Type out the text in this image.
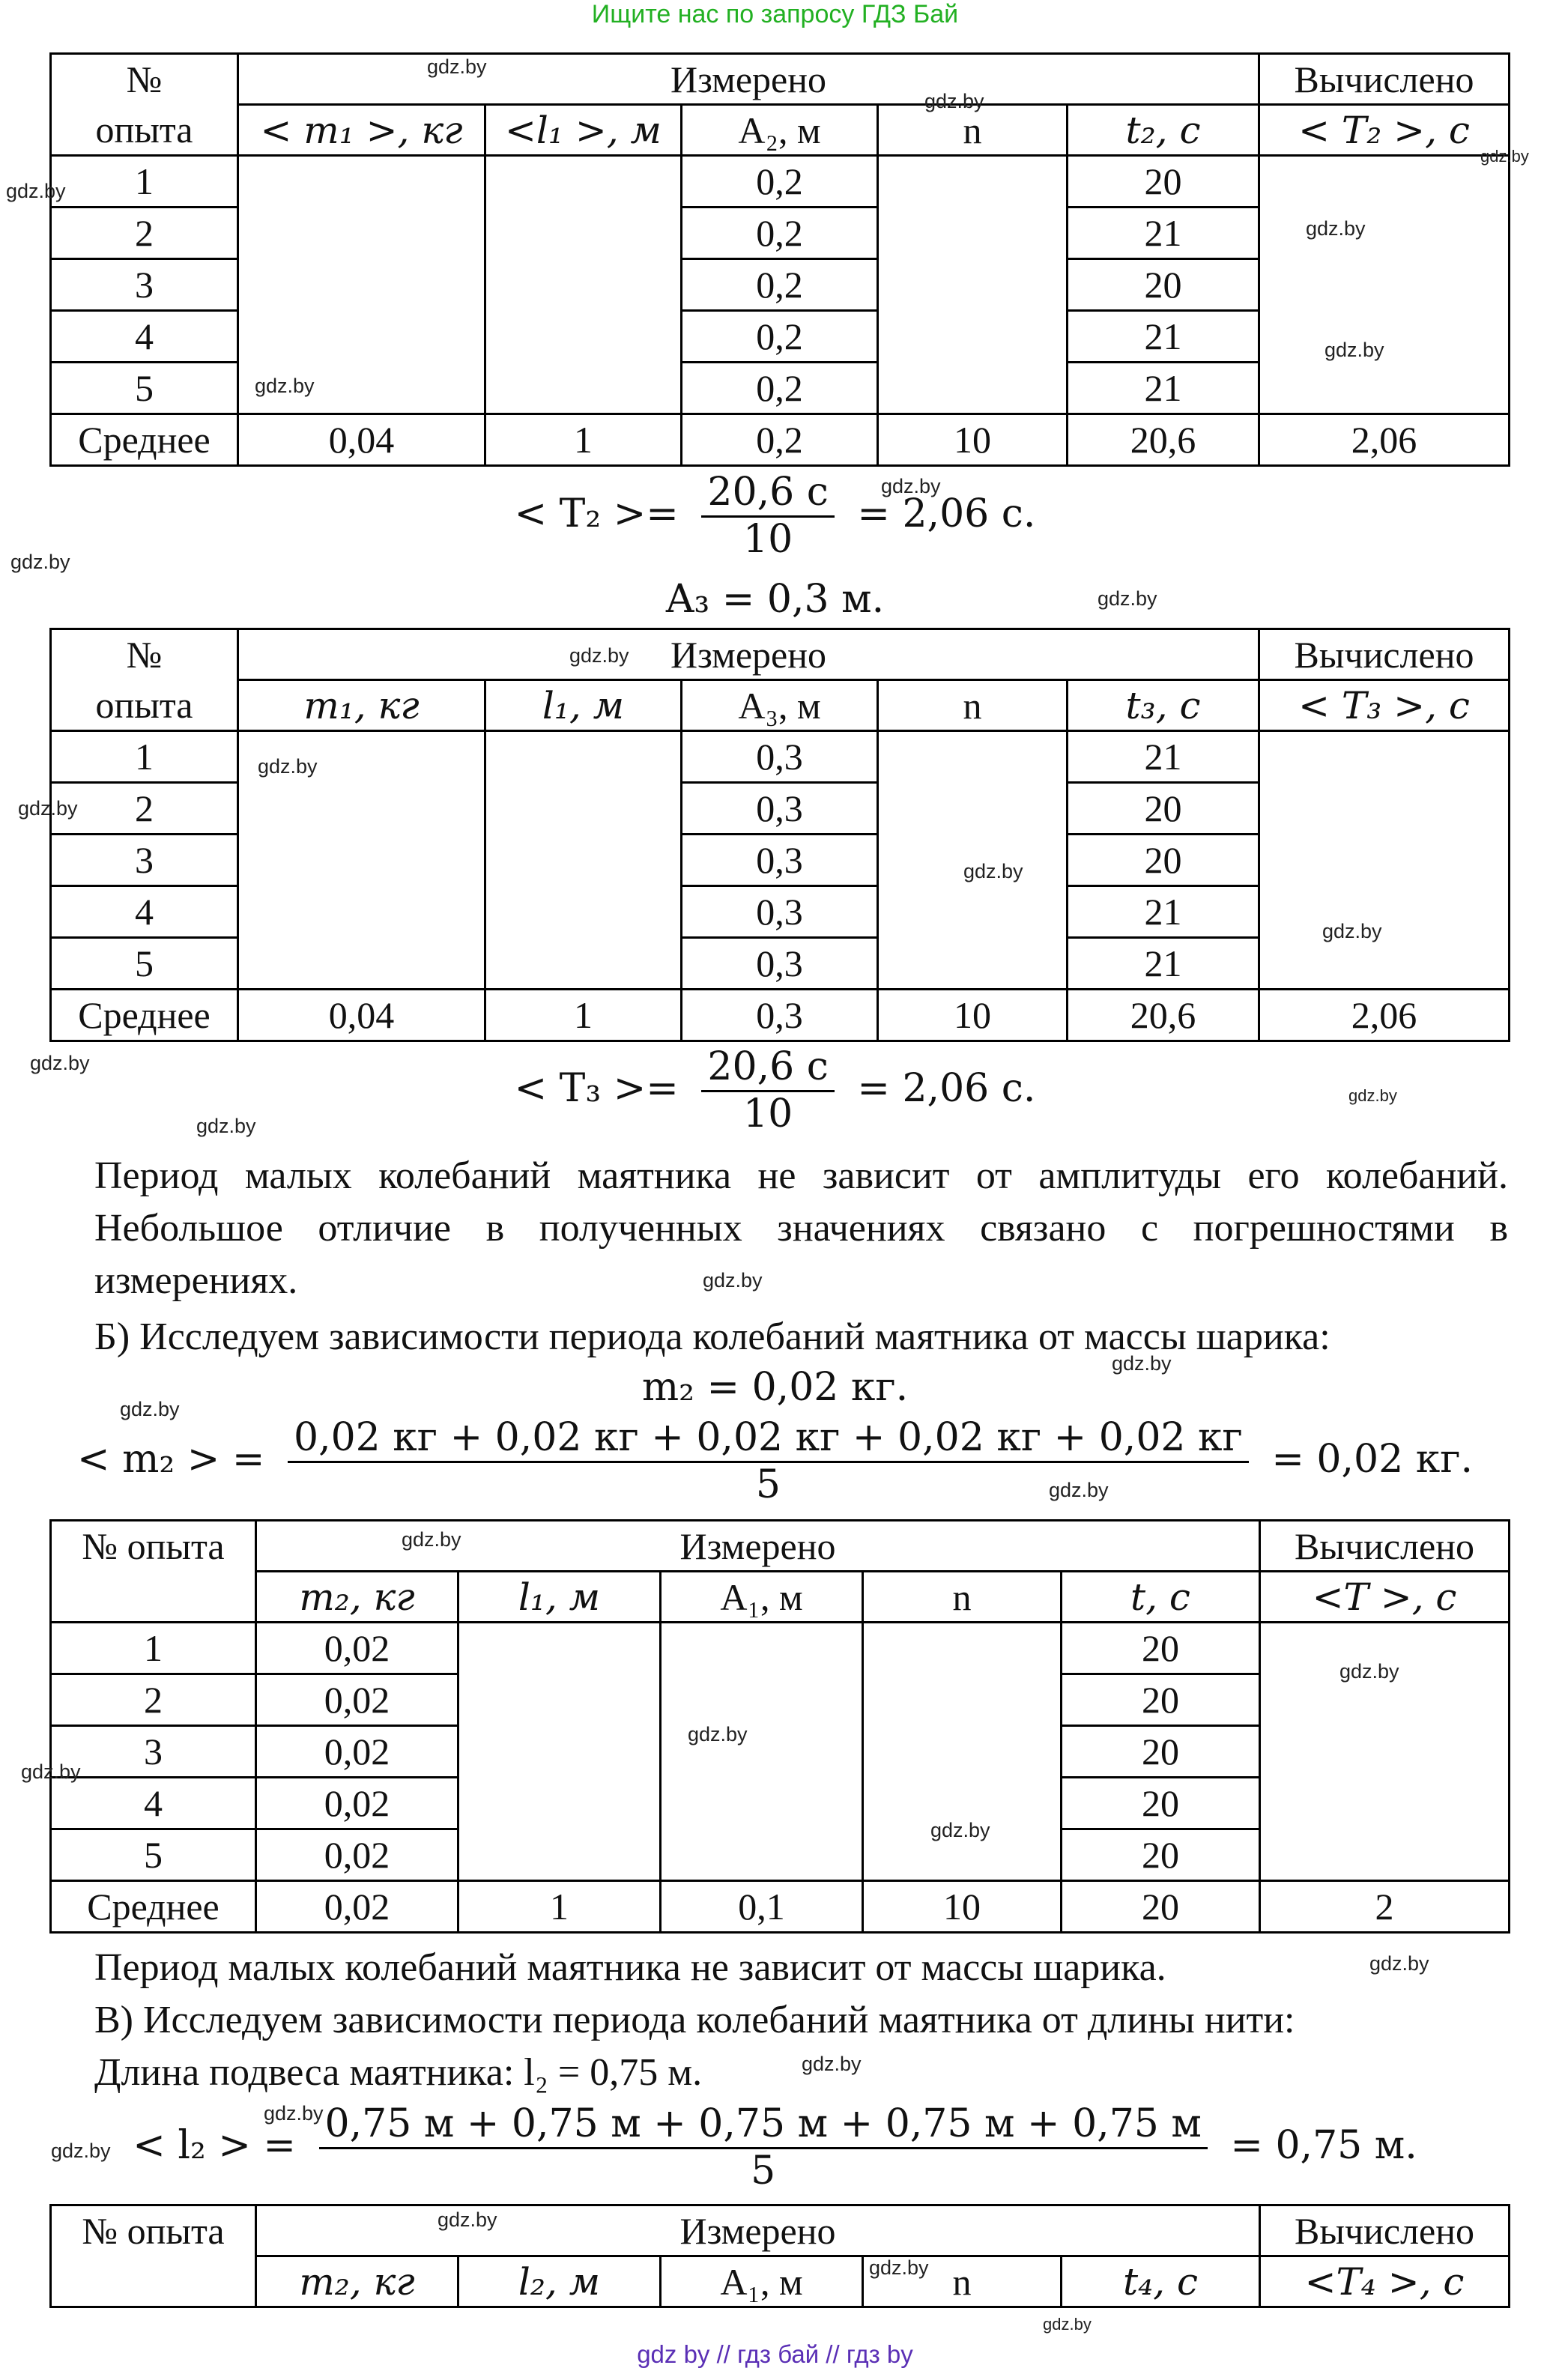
Ищите нас по запросу ГДЗ Бай
№	Измерено					Вычислено
опыта	< m₁ >, кг	<l₁ >, м	A₂, м	n	t₂, c	< T₂ >, c
1			0,2		20	
2			0,2		21	
3			0,2		20	
4			0,2		21	
5			0,2		21	
Среднее	0,04	1	0,2	10	20,6	2,06
< $T_2 >= \frac{20,6 c}{10} = 2,06$ c.
A₃ = 0,3 м.
№	Измерено					Вычислено
опыта	m₁, кг	l₁, м	A₃, м	n	t₃, c	< T₃ >, c
1			0,3		21	
2			0,3		20	
3			0,3		20	
4			0,3		21	
5			0,3		21	
Среднее	0,04	1	0,3	10	20,6	2,06
< $T_3 >= \frac{20,6 c}{10} = 2,06$ c.
Период малых колебаний маятника не зависит от амплитуды его колебаний. Небольшое отличие в полученных значениях связано с погрешностями в измерениях.
Б) Исследуем зависимости периода колебаний маятника от массы шарика:
m₂ = 0,02 кг.
< m₂ > = $\frac{0,02 кг + 0,02 кг + 0,02 кг + 0,02 кг + 0,02 кг}{5} = 0,02$ кг.
№ опыта	Измерено					Вычислено
	m₂, кг	l₁, м	A₁, м	n	t, c	<T >, c
1	0,02				20	
2	0,02				20	
3	0,02				20	
4	0,02				20	
5	0,02				20	
Среднее	0,02	1	0,1	10	20	2
Период малых колебаний маятника не зависит от массы шарика.
В) Исследуем зависимости периода колебаний маятника от длины нити:
Длина подвеса маятника: l₂ = 0,75 м.
< l₂ > = $\frac{0,75 м + 0,75 м + 0,75 м + 0,75 м + 0,75 м}{5} = 0,75$ м.
№ опыта	Измерено					Вычислено
	m₂, кг	l₂, м	A₁, м	n	t₄, c	<T₄ >, c
gdz.by
gdz.by
gdz.by
gdz.by
gdz.by
gdz.by
gdz.by
gdz.by
gdz.by
gdz.by
gdz.by
gdz.by
gdz.by
gdz.by
gdz.by
gdz.by
gdz.by
gdz.by
gdz.by
gdz.by
gdz.by
gdz.by
gdz.by
gdz.by
gdz.by
gdz.by
gdz.by
gdz.by
gdz.by
gdz.by
gdz.by
gdz.by
gdz.by
gdz.by
gdz by // гдз бай // гдз by
